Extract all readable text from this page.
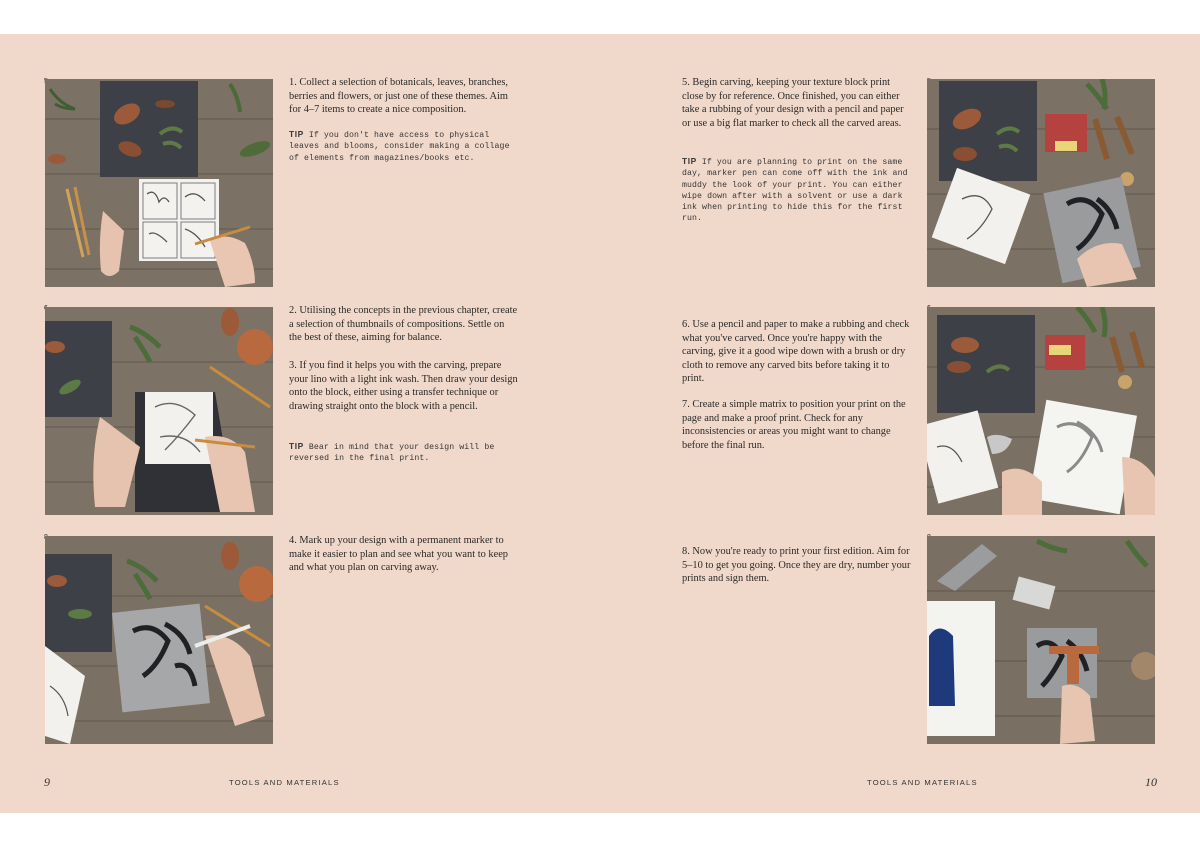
1. Collect a selection of botanicals, leaves, branches, berries and flowers, or just one of these themes. Aim for 4–7 items to create a nice composition.

TIP If you don't have access to physical leaves and blooms, consider making a collage of elements from magazines/books etc.

2. Utilising the concepts in the previous chapter, create a selection of thumbnails of compositions. Settle on the best of these, aiming for balance.

3. If you find it helps you with the carving, prepare your lino with a light ink wash. Then draw your design onto the block, either using a transfer technique or drawing straight onto the block with a pencil.

TIP Bear in mind that your design will be reversed in the final print.

4. Mark up your design with a permanent marker to make it easier to plan and see what you want to keep and what you plan on carving away.

9	TOOLS AND MATERIALS

5. Begin carving, keeping your texture block print close by for reference. Once finished, you can either take a rubbing of your design with a pencil and paper or use a big flat marker to check all the carved areas.

TIP If you are planning to print on the same day, marker pen can come off with the ink and muddy the look of your print. You can either wipe down after with a solvent or use a dark ink when printing to hide this for the first run.

6. Use a pencil and paper to make a rubbing and check what you've carved. Once you're happy with the carving, give it a good wipe down with a brush or dry cloth to remove any carved bits before taking it to print.

7. Create a simple matrix to position your print on the page and make a proof print. Check for any inconsistencies or areas you might want to change before the final run.

8. Now you're ready to print your first edition. Aim for 5–10 to get you going. Once they are dry, number your prints and sign them.

TOOLS AND MATERIALS	10
